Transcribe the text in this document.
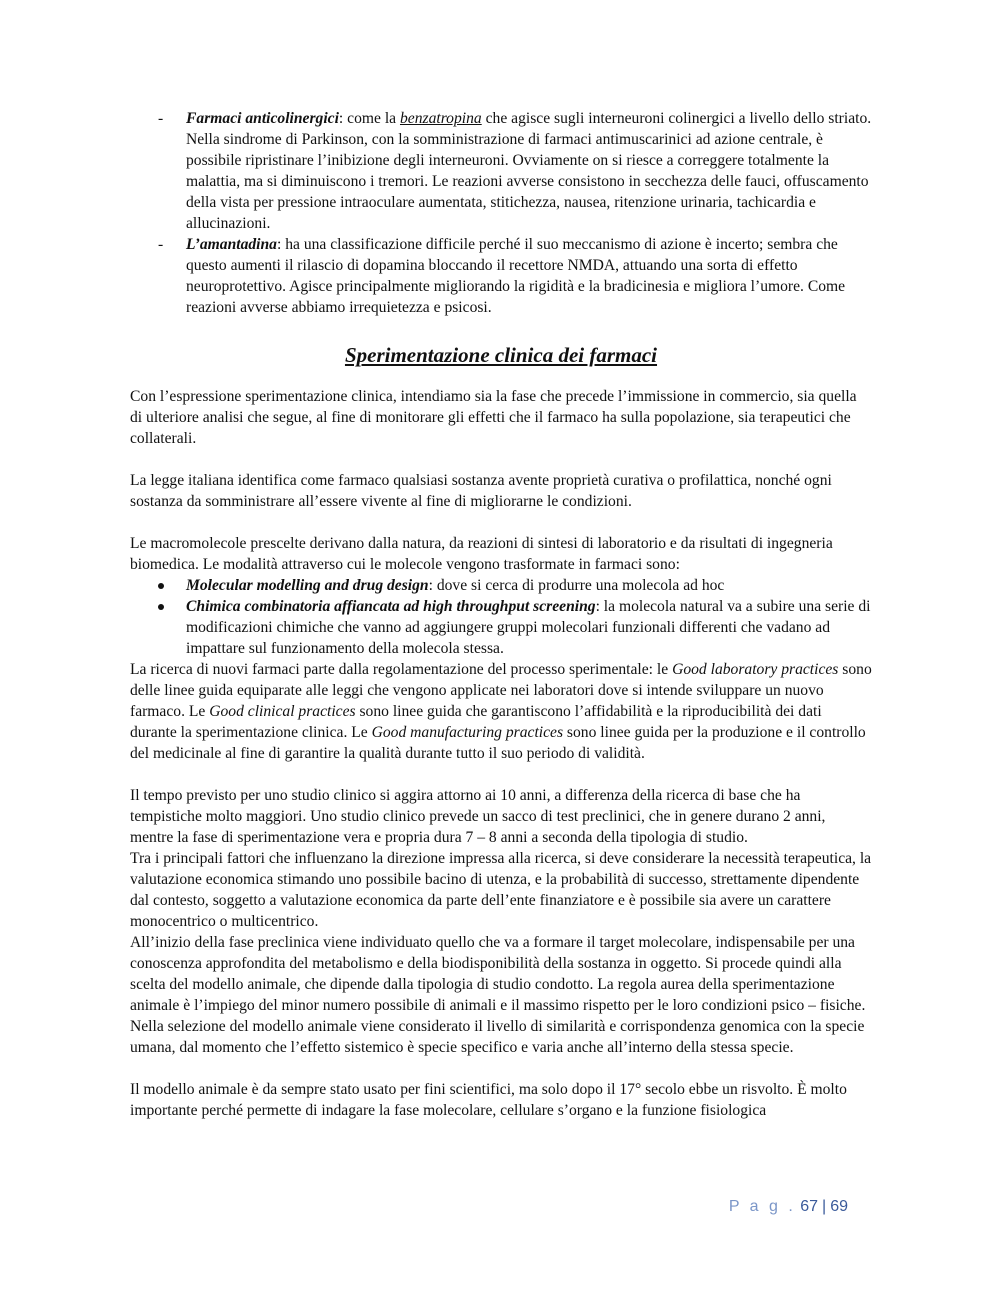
- Farmaci anticolinergici: come la benzatropina che agisce sugli interneuroni colinergici a livello dello striato. Nella sindrome di Parkinson, con la somministrazione di farmaci antimuscarinici ad azione centrale, è possibile ripristinare l’inibizione degli interneuroni. Ovviamente on si riesce a correggere totalmente la malattia, ma si diminuiscono i tremori. Le reazioni avverse consistono in secchezza delle fauci, offuscamento della vista per pressione intraoculare aumentata, stitichezza, nausea, ritenzione urinaria, tachicardia e allucinazioni.
- L’amantadina: ha una classificazione difficile perché il suo meccanismo di azione è incerto; sembra che questo aumenti il rilascio di dopamina bloccando il recettore NMDA, attuando una sorta di effetto neuroprotettivo. Agisce principalmente migliorando la rigidità e la bradicinesia e migliora l’umore. Come reazioni avverse abbiamo irrequietezza e psicosi.
Sperimentazione clinica dei farmaci

Con l’espressione sperimentazione clinica, intendiamo sia la fase che precede l’immissione in commercio, sia quella di ulteriore analisi che segue, al fine di monitorare gli effetti che il farmaco ha sulla popolazione, sia terapeutici che collaterali.

La legge italiana identifica come farmaco qualsiasi sostanza avente proprietà curativa o profilattica, nonché ogni sostanza da somministrare all’essere vivente al fine di migliorarne le condizioni.

Le macromolecole prescelte derivano dalla natura, da reazioni di sintesi di laboratorio e da risultati di ingegneria biomedica. Le modalità attraverso cui le molecole vengono trasformate in farmaci sono:

Molecular modelling and drug design: dove si cerca di produrre una molecola ad hoc
Chimica combinatoria affiancata ad high throughput screening: la molecola natural va a subire una serie di modificazioni chimiche che vanno ad aggiungere gruppi molecolari funzionali differenti che vadano ad impattare sul funzionamento della molecola stessa.

La ricerca di nuovi farmaci parte dalla regolamentazione del processo sperimentale: le Good laboratory practices sono delle linee guida equiparate alle leggi che vengono applicate nei laboratori dove si intende sviluppare un nuovo farmaco. Le Good clinical practices sono linee guida che garantiscono l’affidabilità e la riproducibilità dei dati durante la sperimentazione clinica. Le Good manufacturing practices sono linee guida per la produzione e il controllo del medicinale al fine di garantire la qualità durante tutto il suo periodo di validità.

Il tempo previsto per uno studio clinico si aggira attorno ai 10 anni, a differenza della ricerca di base che ha tempistiche molto maggiori. Uno studio clinico prevede un sacco di test preclinici, che in genere durano 2 anni, mentre la fase di sperimentazione vera e propria dura 7 – 8 anni a seconda della tipologia di studio.

Tra i principali fattori che influenzano la direzione impressa alla ricerca, si deve considerare la necessità terapeutica, la valutazione economica stimando uno possibile bacino di utenza, e la probabilità di successo, strettamente dipendente dal contesto, soggetto a valutazione economica da parte dell’ente finanziatore e è possibile sia avere un carattere monocentrico o multicentrico.

All’inizio della fase preclinica viene individuato quello che va a formare il target molecolare, indispensabile per una conoscenza approfondita del metabolismo e della biodisponibilità della sostanza in oggetto. Si procede quindi alla scelta del modello animale, che dipende dalla tipologia di studio condotto. La regola aurea della sperimentazione animale è l’impiego del minor numero possibile di animali e il massimo rispetto per le loro condizioni psico – fisiche. Nella selezione del modello animale viene considerato il livello di similarità e corrispondenza genomica con la specie umana, dal momento che l’effetto sistemico è specie specifico e varia anche all’interno della stessa specie.

Il modello animale è da sempre stato usato per fini scientifici, ma solo dopo il 17° secolo ebbe un risvolto. È molto importante perché permette di indagare la fase molecolare, cellulare s’organo e la funzione fisiologica

P a g . 67 | 69
